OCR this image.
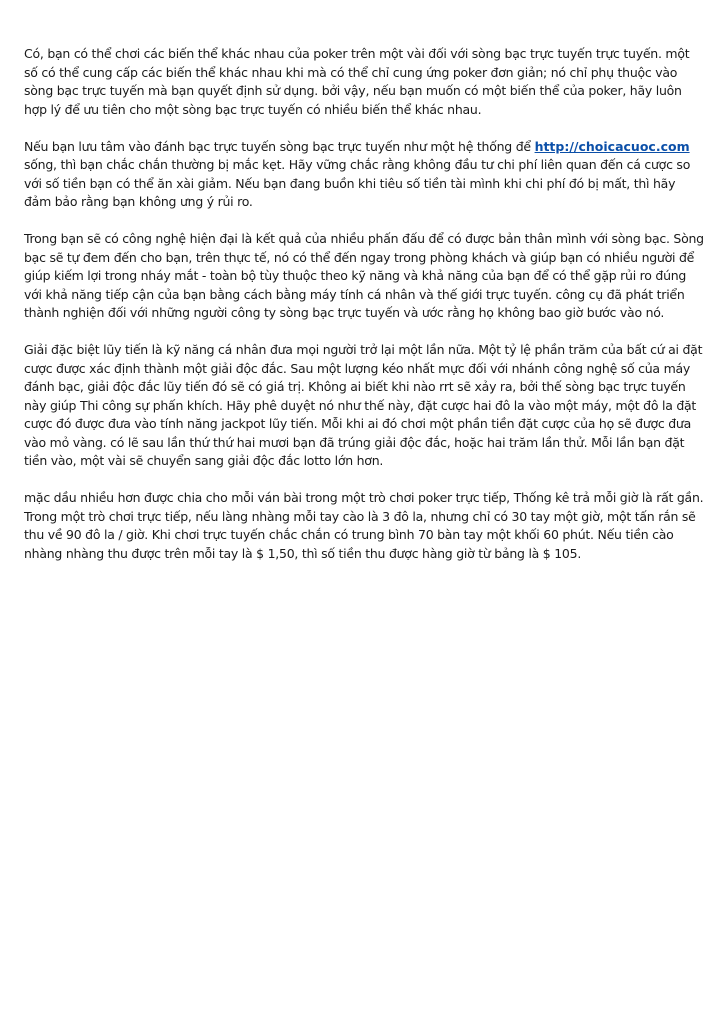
Có, bạn có thể chơi các biến thể khác nhau của poker trên một vài đối với sòng bạc trực tuyến trực tuyến. một số có thể cung cấp các biến thể khác nhau khi mà có thể chỉ cung ứng poker đơn giản; nó chỉ phụ thuộc vào sòng bạc trực tuyến mà bạn quyết định sử dụng. bởi vậy, nếu bạn muốn có một biến thể của poker, hãy luôn hợp lý để ưu tiên cho một sòng bạc trực tuyến có nhiều biến thể khác nhau.

Nếu bạn lưu tâm vào đánh bạc trực tuyến sòng bạc trực tuyến như một hệ thống để http://choicacuoc.com sống, thì bạn chắc chắn thường bị mắc kẹt. Hãy vững chắc rằng không đầu tư chi phí liên quan đến cá cược so với số tiền bạn có thể ăn xài giảm. Nếu bạn đang buồn khi tiêu số tiền tài mình khi chi phí đó bị mất, thì hãy đảm bảo rằng bạn không ưng ý rủi ro.

Trong bạn sẽ có công nghệ hiện đại là kết quả của nhiều phấn đấu để có được bản thân mình với sòng bạc. Sòng bạc sẽ tự đem đến cho bạn, trên thực tế, nó có thể đến ngay trong phòng khách và giúp bạn có nhiều người để giúp kiếm lợi trong nháy mắt - toàn bộ tùy thuộc theo kỹ năng và khả năng của bạn để có thể gặp rủi ro đúng với khả năng tiếp cận của bạn bằng cách bằng máy tính cá nhân và thế giới trực tuyến. công cụ đã phát triển thành nghiện đối với những người công ty sòng bạc trực tuyến và ước rằng họ không bao giờ bước vào nó.

Giải đặc biệt lũy tiến là kỹ năng cá nhân đưa mọi người trở lại một lần nữa. Một tỷ lệ phần trăm của bất cứ ai đặt cược được xác định thành một giải độc đắc. Sau một lượng kéo nhất mực đối với nhánh công nghệ số của máy đánh bạc, giải độc đắc lũy tiến đó sẽ có giá trị. Không ai biết khi nào rrt sẽ xảy ra, bởi thế sòng bạc trực tuyến này giúp Thi công sự phấn khích. Hãy phê duyệt nó như thế này, đặt cược hai đô la vào một máy, một đô la đặt cược đó được đưa vào tính năng jackpot lũy tiến. Mỗi khi ai đó chơi một phần tiền đặt cược của họ sẽ được đưa vào mỏ vàng. có lẽ sau lần thứ thứ hai mươi bạn đã trúng giải độc đắc, hoặc hai trăm lần thử. Mỗi lần bạn đặt tiền vào, một vài sẽ chuyển sang giải độc đắc lotto lớn hơn.

mặc dầu nhiều hơn được chia cho mỗi ván bài trong một trò chơi poker trực tiếp, Thống kê trả mỗi giờ là rất gần. Trong một trò chơi trực tiếp, nếu làng nhàng mỗi tay cào là 3 đô la, nhưng chỉ có 30 tay một giờ, một tấn rắn sẽ thu về 90 đô la / giờ. Khi chơi trực tuyến chắc chắn có trung bình 70 bàn tay một khối 60 phút. Nếu tiền cào nhàng nhàng thu được trên mỗi tay là $ 1,50, thì số tiền thu được hàng giờ từ bảng là $ 105.
